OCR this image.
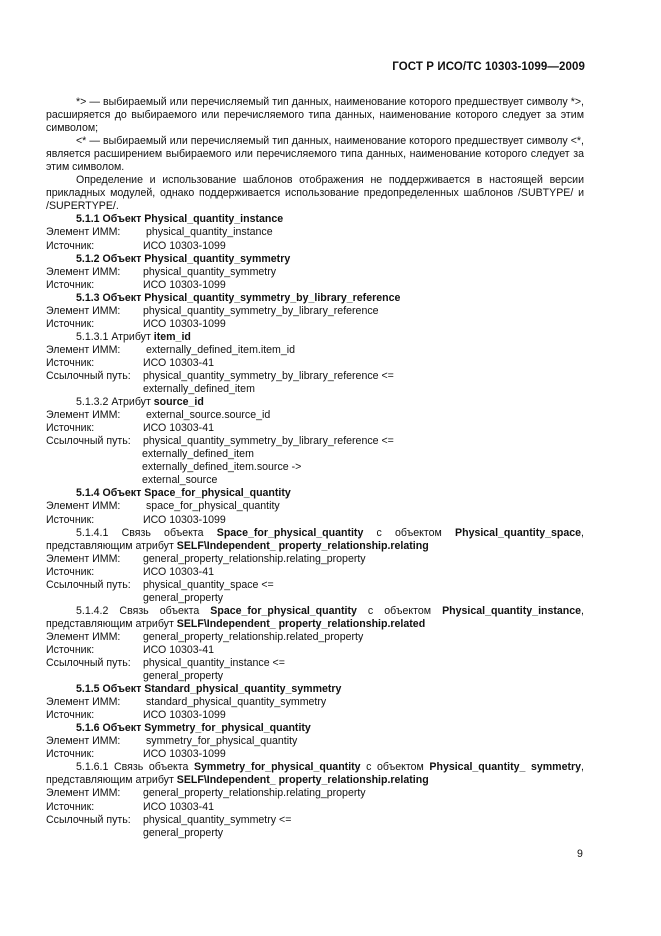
ГОСТ Р ИСО/ТС 10303-1099—2009
*> — выбираемый или перечисляемый тип данных, наименование которого предшествует символу *>, расширяется до выбираемого или перечисляемого типа данных, наименование которого следует за этим символом;
<* — выбираемый или перечисляемый тип данных, наименование которого предшествует символу <*, является расширением выбираемого или перечисляемого типа данных, наименование которого следует за этим символом.
Определение и использование шаблонов отображения не поддерживается в настоящей версии прикладных модулей, однако поддерживается использование предопределенных шаблонов /SUBTYPE/ и /SUPERTYPE/.
5.1.1 Объект Physical_quantity_instance
Элемент ИММ:	physical_quantity_instance
Источник:	ИСО 10303-1099
5.1.2 Объект Physical_quantity_symmetry
Элемент ИММ:	physical_quantity_symmetry
Источник:	ИСО 10303-1099
5.1.3 Объект Physical_quantity_symmetry_by_library_reference
Элемент ИММ:	physical_quantity_symmetry_by_library_reference
Источник:	ИСО 10303-1099
5.1.3.1 Атрибут item_id
Элемент ИММ:	externally_defined_item.item_id
Источник:	ИСО 10303-41
Ссылочный путь:	physical_quantity_symmetry_by_library_reference <=
externally_defined_item
5.1.3.2 Атрибут source_id
Элемент ИММ:	external_source.source_id
Источник:	ИСО 10303-41
Ссылочный путь:	physical_quantity_symmetry_by_library_reference <=
externally_defined_item
externally_defined_item.source ->
external_source
5.1.4 Объект Space_for_physical_quantity
Элемент ИММ:	space_for_physical_quantity
Источник:	ИСО 10303-1099
5.1.4.1 Связь объекта Space_for_physical_quantity с объектом Physical_quantity_space, представляющим атрибут SELF\Independent_ property_relationship.relating
Элемент ИММ:	general_property_relationship.relating_property
Источник:	ИСО 10303-41
Ссылочный путь:	physical_quantity_space <=
general_property
5.1.4.2 Связь объекта Space_for_physical_quantity с объектом Physical_quantity_instance, представляющим атрибут SELF\Independent_ property_relationship.related
Элемент ИММ:	general_property_relationship.related_property
Источник:	ИСО 10303-41
Ссылочный путь:	physical_quantity_instance <=
general_property
5.1.5 Объект Standard_physical_quantity_symmetry
Элемент ИММ:	standard_physical_quantity_symmetry
Источник:	ИСО 10303-1099
5.1.6 Объект Symmetry_for_physical_quantity
Элемент ИММ:	symmetry_for_physical_quantity
Источник:	ИСО 10303-1099
5.1.6.1 Связь объекта Symmetry_for_physical_quantity с объектом Physical_quantity_ symmetry, представляющим атрибут SELF\Independent_ property_relationship.relating
Элемент ИММ:	general_property_relationship.relating_property
Источник:	ИСО 10303-41
Ссылочный путь:	physical_quantity_symmetry <=
general_property
9
